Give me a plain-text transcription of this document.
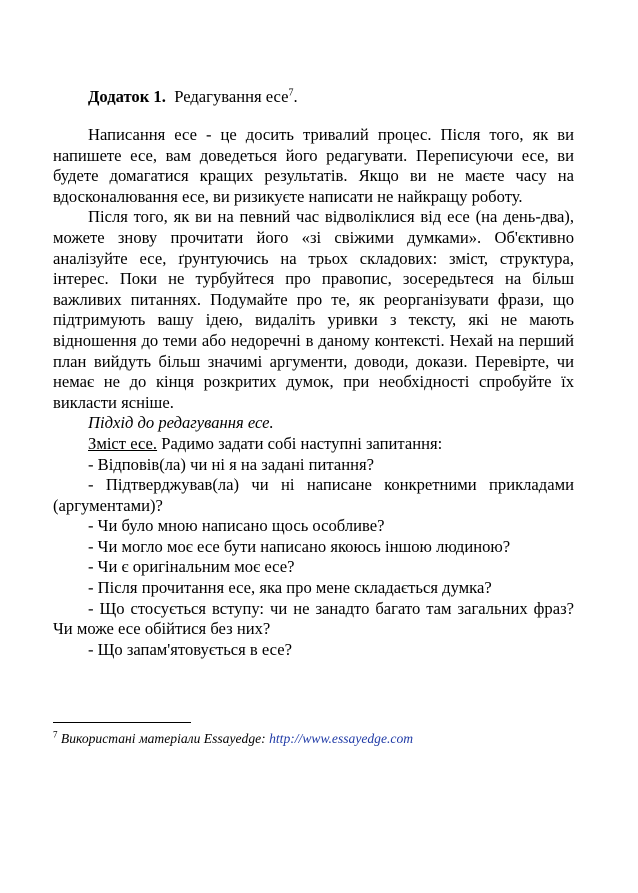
Додаток 1. Редагування есе$^7$.

Написання есе - це досить тривалий процес. Після того, як ви напишете есе, вам доведеться його редагувати. Переписуючи есе, ви будете домагатися кращих результатів. Якщо ви не маєте часу на вдосконалювання есе, ви ризикуєте написати не найкращу роботу.

Після того, як ви на певний час відволіклися від есе (на день-два), можете знову прочитати його «зі свіжими думками». Об'єктивно аналізуйте есе, ґрунтуючись на трьох складових: зміст, структура, інтерес. Поки не турбуйтеся про правопис, зосередьтеся на більш важливих питаннях. Подумайте про те, як реорганізувати фрази, що підтримують вашу ідею, видаліть уривки з тексту, які не мають відношення до теми або недоречні в даному контексті. Нехай на перший план вийдуть більш значимі аргументи, доводи, докази. Перевірте, чи немає не до кінця розкритих думок, при необхідності спробуйте їх викласти ясніше.

Підхід до редагування есе.

Зміст есе. Радимо задати собі наступні запитання:

- Відповів(ла) чи ні я на задані питання?

- Підтверджував(ла) чи ні написане конкретними прикладами (аргументами)?

- Чи було мною написано щось особливе?

- Чи могло моє есе бути написано якоюсь іншою людиною?

- Чи є оригінальним моє есе?

- Після прочитання есе, яка про мене складається думка?

- Що стосується вступу: чи не занадто багато там загальних фраз? Чи може есе обійтися без них?

- Що запам'ятовується в есе?

$^7$ Використані матеріали Essayedge: http://www.essayedge.com
